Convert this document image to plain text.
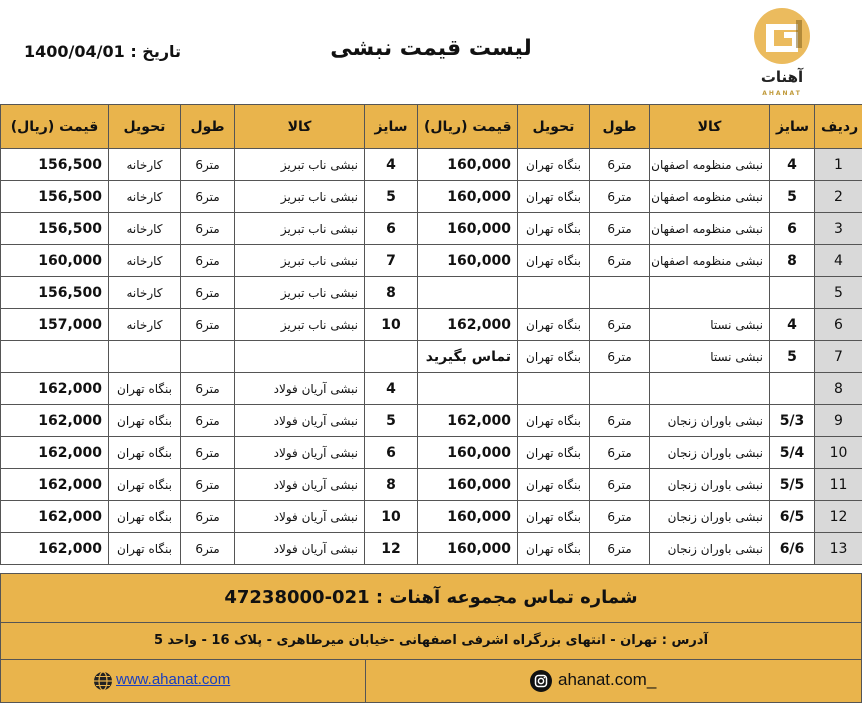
تاریخ : 1400/04/01	لیست قیمت نبشی
آهنات
AHANAT
قیمت (ریال)	تحویل	طول	کالا	سایز	قیمت (ریال)	تحویل	طول	کالا	سایز	ردیف
156,500	کارخانه	6متر	نبشی ناب تبریز	4	160,000	بنگاه تهران	6متر	نبشی منظومه اصفهان	4	1
156,500	کارخانه	6متر	نبشی ناب تبریز	5	160,000	بنگاه تهران	6متر	نبشی منظومه اصفهان	5	2
156,500	کارخانه	6متر	نبشی ناب تبریز	6	160,000	بنگاه تهران	6متر	نبشی منظومه اصفهان	6	3
160,000	کارخانه	6متر	نبشی ناب تبریز	7	160,000	بنگاه تهران	6متر	نبشی منظومه اصفهان	8	4
156,500	کارخانه	6متر	نبشی ناب تبریز	8						5
157,000	کارخانه	6متر	نبشی ناب تبریز	10	162,000	بنگاه تهران	6متر	نبشی نستا	4	6
					تماس بگیرید	بنگاه تهران	6متر	نبشی نستا	5	7
162,000	بنگاه تهران	6متر	نبشی آریان فولاد	4						8
162,000	بنگاه تهران	6متر	نبشی آریان فولاد	5	162,000	بنگاه تهران	6متر	نبشی باوران زنجان	5/3	9
162,000	بنگاه تهران	6متر	نبشی آریان فولاد	6	160,000	بنگاه تهران	6متر	نبشی باوران زنجان	5/4	10
162,000	بنگاه تهران	6متر	نبشی آریان فولاد	8	160,000	بنگاه تهران	6متر	نبشی باوران زنجان	5/5	11
162,000	بنگاه تهران	6متر	نبشی آریان فولاد	10	160,000	بنگاه تهران	6متر	نبشی باوران زنجان	6/5	12
162,000	بنگاه تهران	6متر	نبشی آریان فولاد	12	160,000	بنگاه تهران	6متر	نبشی باوران زنجان	6/6	13
شماره تماس مجموعه آهنات : 021-47238000
آدرس : تهران - انتهای بزرگراه اشرفی اصفهانی -خیابان میرطاهری - پلاک 16 - واحد 5
www.ahanat.com	ahanat.com_
